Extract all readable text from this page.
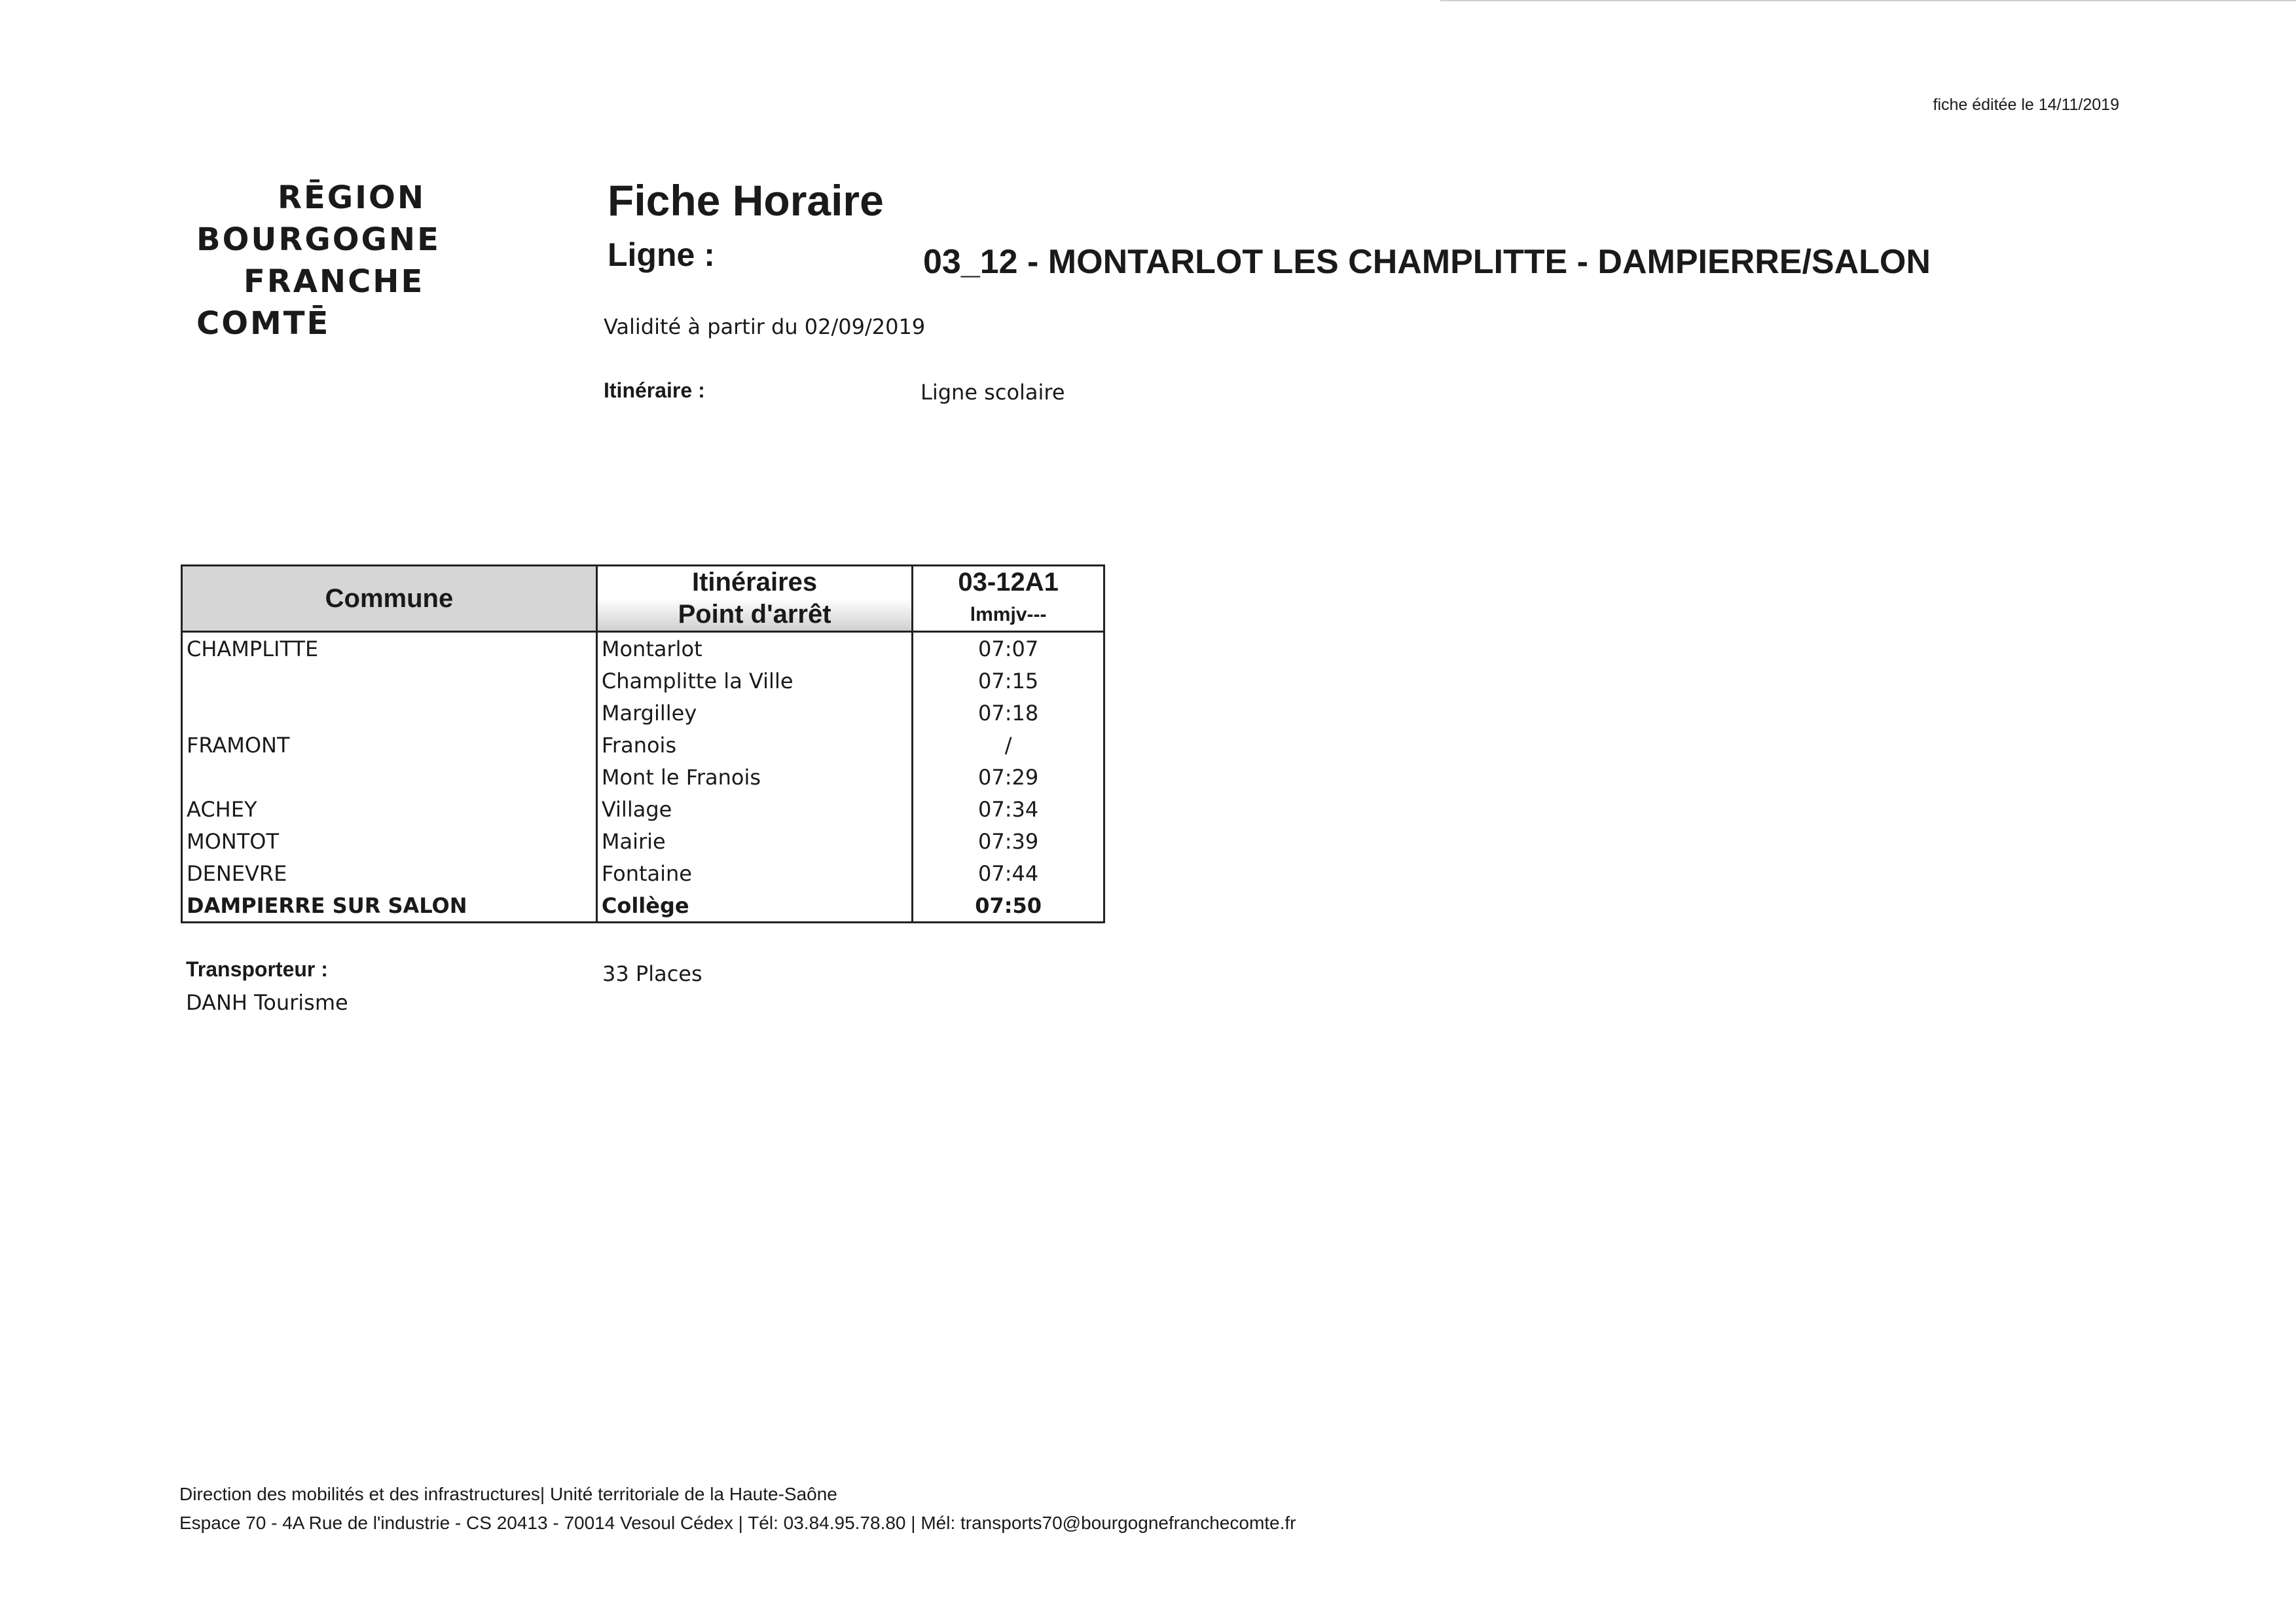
fiche éditée le 14/11/2019
RĒGION
BOURGOGNE
FRANCHE
COMTĒ
Fiche Horaire
Ligne :	03_12 - MONTARLOT LES CHAMPLITTE - DAMPIERRE/SALON
Validité à partir du 02/09/2019
Itinéraire :	Ligne scolaire
Commune	Itinéraires	03-12A1
	Point d'arrêt	lmmjv---
CHAMPLITTE	Montarlot	07:07
	Champlitte la Ville	07:15
	Margilley	07:18
FRAMONT	Franois	/
	Mont le Franois	07:29
ACHEY	Village	07:34
MONTOT	Mairie	07:39
DENEVRE	Fontaine	07:44
DAMPIERRE SUR SALON	Collège	07:50
Transporteur :
DANH Tourisme
33 Places
Direction des mobilités et des infrastructures| Unité territoriale de la Haute-Saône
Espace 70 - 4A Rue de l'industrie - CS 20413 - 70014 Vesoul Cédex | Tél: 03.84.95.78.80 | Mél: transports70@bourgognefranchecomte.fr
